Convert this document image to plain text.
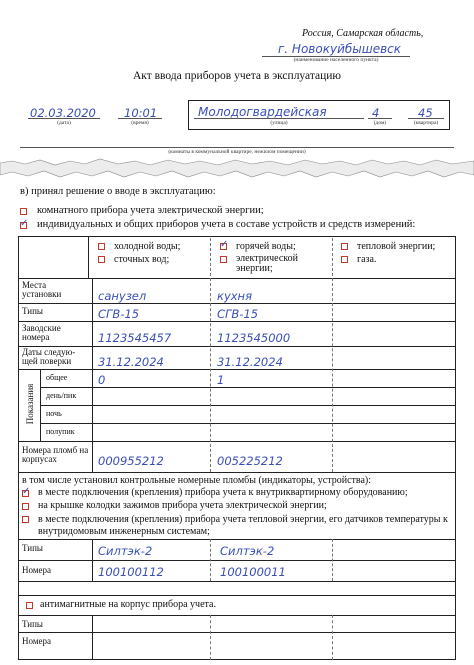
Россия, Самарская область,
г. Новокуйбышевск
(наименование населенного пункта)
Акт ввода приборов учета в эксплуатацию
02.03.2020
(дата)
10:01
(время)
Молодогвардейская
(улица)
4
(дом)
45
(квартира)
(комнаты в коммунальной квартире, нежилом помещении)
в) принял решение о вводе в эксплуатацию:
комнатного прибора учета электрической энергии;
✓
индивидуальных и общих приборов учета в составе устройств и средств измерений:
холодной воды;
сточных вод;
✓
горячей воды;
электрической энергии;
тепловой энергии;
газа.
Места установки
Типы
Заводские номера
Даты следую-щей поверки
Показания
общее
день/пик
ночь
полупик
Номера пломб на корпусах
санузел
СГВ-15
1123545457
31.12.2024
0
000955212
кухня
СГВ-15
1123545000
31.12.2024
1
005225212
в том числе установил контрольные номерные пломбы (индикаторы, устройства):
✓
в месте подключения (крепления) прибора учета к внутриквартирному оборудованию;
на крышке колодки зажимов прибора учета электрической энергии;
в месте подключения (крепления) прибора учета тепловой энергии, его датчиков температуры к внутридомовым инженерным системам;
Типы
Номера
Силтэк-2
100100112
Силтэк-2
100100011
антимагнитные на корпус прибора учета.
Типы
Номера
